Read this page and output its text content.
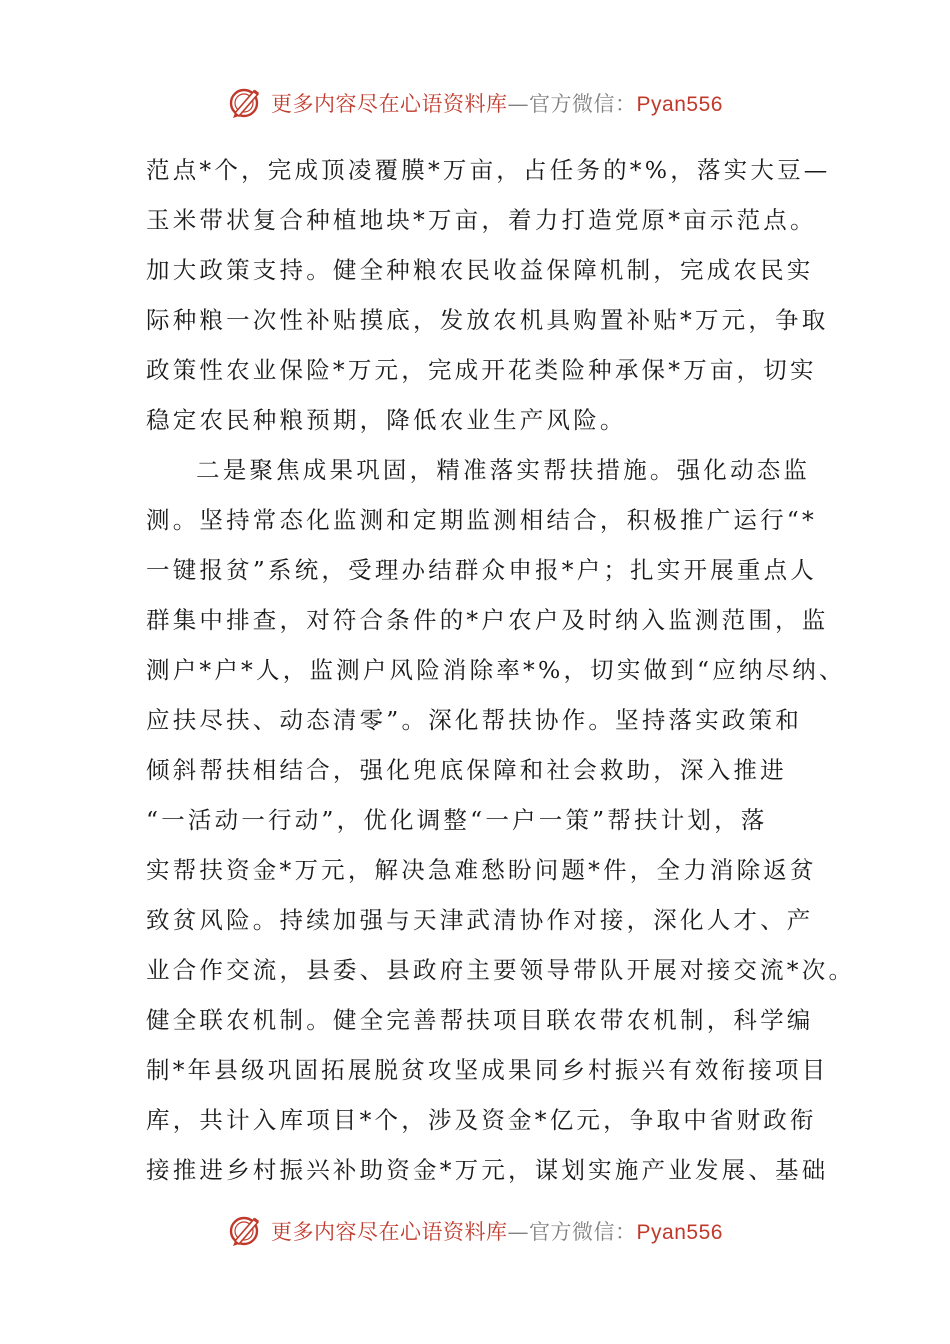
更多内容尽在心语资料库—官方微信：Pyan556
范点*个，完成顶凌覆膜*万亩，占任务的*%，落实大豆—
玉米带状复合种植地块*万亩，着力打造党原*亩示范点。
加大政策支持。健全种粮农民收益保障机制，完成农民实
际种粮一次性补贴摸底，发放农机具购置补贴*万元，争取
政策性农业保险*万元，完成开花类险种承保*万亩，切实
稳定农民种粮预期，降低农业生产风险。
二是聚焦成果巩固，精准落实帮扶措施。强化动态监
测。坚持常态化监测和定期监测相结合，积极推广运行“*
一键报贫”系统，受理办结群众申报*户；扎实开展重点人
群集中排查，对符合条件的*户农户及时纳入监测范围，监
测户*户*人，监测户风险消除率*%，切实做到“应纳尽纳、
应扶尽扶、动态清零”。深化帮扶协作。坚持落实政策和
倾斜帮扶相结合，强化兜底保障和社会救助，深入推进
“一活动一行动”，优化调整“一户一策”帮扶计划，落
实帮扶资金*万元，解决急难愁盼问题*件，全力消除返贫
致贫风险。持续加强与天津武清协作对接，深化人才、产
业合作交流，县委、县政府主要领导带队开展对接交流*次。
健全联农机制。健全完善帮扶项目联农带农机制，科学编
制*年县级巩固拓展脱贫攻坚成果同乡村振兴有效衔接项目
库，共计入库项目*个，涉及资金*亿元，争取中省财政衔
接推进乡村振兴补助资金*万元，谋划实施产业发展、基础
更多内容尽在心语资料库—官方微信：Pyan556
